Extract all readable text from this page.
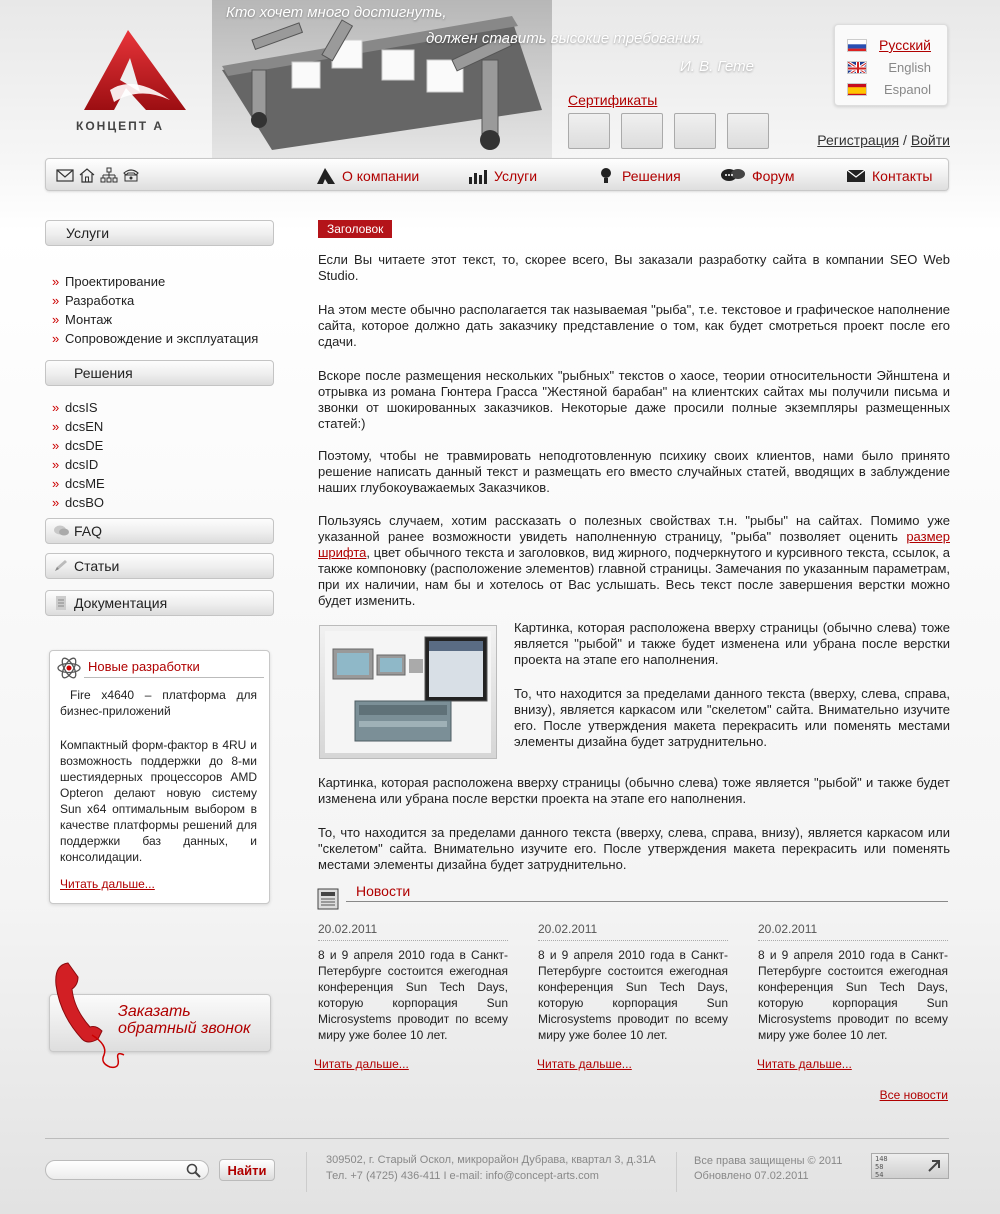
КОНЦЕПТ А
Кто хочет много достигнуть,
должен ставить высокие требования.
И. В. Гете
Сертификаты
Русский
English
Espanol
Регистрация / Войти
О компании	Услуги	Решения	Форум	Контакты
Услуги
» Проектирование
» Разработка
» Монтаж
» Сопровождение и эксплуатация
Решения
» dcsIS
» dcsEN
» dcsDE
» dcsID
» dcsME
» dcsBO
FAQ
Статьи
Документация
Новые разработки
Fire x4640 – платформа для бизнес-приложений
Компактный форм-фактор в 4RU и возможность поддержки до 8-ми шестиядерных процессоров AMD Opteron делают новую систему Sun x64 оптимальным выбором в качестве платформы решений для поддержки баз данных, и консолидации.
Читать дальше...
Заказать
обратный звонок
Заголовок
Если Вы читаете этот текст, то, скорее всего, Вы заказали разработку сайта в компании SEO Web Studio.
На этом месте обычно располагается так называемая "рыба", т.е. текстовое и графическое наполнение сайта, которое должно дать заказчику представление о том, как будет смотреться проект после его сдачи.
Вскоре после размещения нескольких "рыбных" текстов о хаосе, теории относительности Эйнштена и отрывка из романа Гюнтера Грасса "Жестяной барабан" на клиентских сайтах мы получили письма и звонки от шокированных заказчиков. Некоторые даже просили полные экземпляры размещенных статей:)
Поэтому, чтобы не травмировать неподготовленную психику своих клиентов, нами было принято решение написать данный текст и размещать его вместо случайных статей, вводящих в заблуждение наших глубокоуважаемых Заказчиков.
Пользуясь случаем, хотим рассказать о полезных свойствах т.н. "рыбы" на сайтах. Помимо уже указанной ранее возможности увидеть наполненную страницу, "рыба" позволяет оценить размер шрифта, цвет обычного текста и заголовков, вид жирного, подчеркнутого и курсивного текста, ссылок, а также компоновку (расположение элементов) главной страницы. Замечания по указанным параметрам, при их наличии, нам бы и хотелось от Вас услышать. Весь текст после завершения верстки можно будет изменить.
Картинка, которая расположена вверху страницы (обычно слева) тоже является "рыбой" и также будет изменена или убрана после верстки проекта на этапе его наполнения.
То, что находится за пределами данного текста (вверху, слева, справа, внизу), является каркасом или "скелетом" сайта. Внимательно изучите его. После утверждения макета перекрасить или поменять местами элементы дизайна будет затруднительно.
Картинка, которая расположена вверху страницы (обычно слева) тоже является "рыбой" и также будет изменена или убрана после верстки проекта на этапе его наполнения.
То, что находится за пределами данного текста (вверху, слева, справа, внизу), является каркасом или "скелетом" сайта. Внимательно изучите его. После утверждения макета перекрасить или поменять местами элементы дизайна будет затруднительно.
Новости
20.02.2011
8 и 9 апреля 2010 года в Санкт-Петербурге состоится ежегодная конференция Sun Tech Days, которую корпорация Sun Microsystems проводит по всему миру уже более 10 лет.
20.02.2011
8 и 9 апреля 2010 года в Санкт-Петербурге состоится ежегодная конференция Sun Tech Days, которую корпорация Sun Microsystems проводит по всему миру уже более 10 лет.
20.02.2011
8 и 9 апреля 2010 года в Санкт-Петербурге состоится ежегодная конференция Sun Tech Days, которую корпорация Sun Microsystems проводит по всему миру уже более 10 лет.
Читать дальше...	Читать дальше...	Читать дальше...
Все новости
Найти
309502, г. Старый Оскол, микрорайон Дубрава, квартал 3, д.31А
Тел. +7 (4725) 436-411 I e-mail: info@concept-arts.com
Все права защищены © 2011
Обновлено 07.02.2011
148
58
54
